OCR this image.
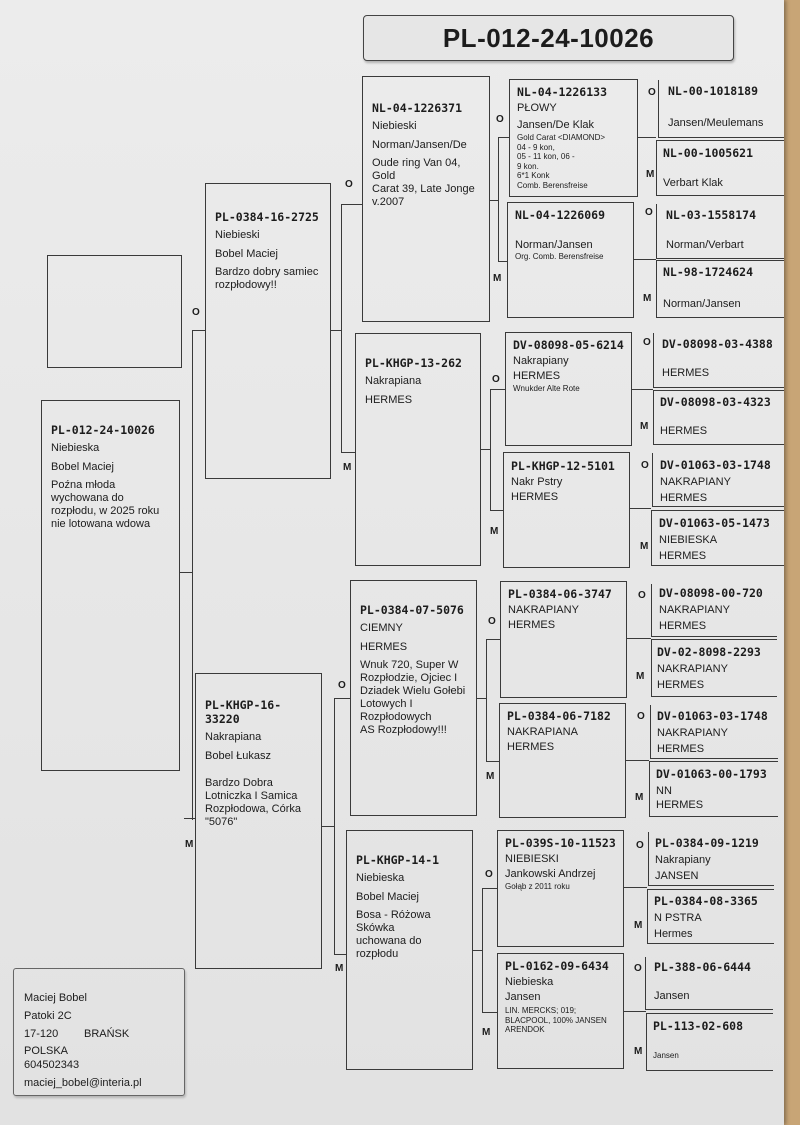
PL-012-24-10026
PL-012-24-10026
Niebieska
Bobel Maciej
Poźna młoda
wychowana do
rozpłodu, w 2025 roku
nie lotowana wdowa
PL-0384-16-2725
Niebieski
Bobel Maciej
Bardzo dobry samiec
rozpłodowy!!
PL-KHGP-16-33220
Nakrapiana
Bobel Łukasz
Bardzo Dobra
Lotniczka I Samica
Rozpłodowa, Córka
"5076"
NL-04-1226371
Niebieski
Norman/Jansen/De
Oude ring Van 04, Gold
Carat 39, Late Jonge
v.2007
PL-KHGP-13-262
Nakrapiana
HERMES
PL-0384-07-5076
CIEMNY
HERMES
Wnuk 720, Super W
Rozpłodzie, Ojciec I
Dziadek Wielu Gołebi
Lotowych I
Rozpłodowych
AS Rozpłodowy!!!
PL-KHGP-14-1
Niebieska
Bobel Maciej
Bosa - Różowa Skówka
uchowana do rozpłodu
NL-04-1226133
PŁOWY
Jansen/De Klak
Gold Carat <DIAMOND>
04 - 9 kon,
05 - 11 kon, 06 -
9 kon.
6*1 Konk
Comb. Berensfreise
NL-04-1226069
Norman/Jansen
Org. Comb. Berensfreise
DV-08098-05-6214
Nakrapiany
HERMES
Wnukder Alte Rote
PL-KHGP-12-5101
Nakr Pstry
HERMES
PL-0384-06-3747
NAKRAPIANY
HERMES
PL-0384-06-7182
NAKRAPIANA
HERMES
PL-039S-10-11523
NIEBIESKI
Jankowski Andrzej
Gołąb z 2011 roku
PL-0162-09-6434
Niebieska
Jansen
LIN. MERCKS; 019;
BLACPOOL, 100% JANSEN
ARENDOK
NL-00-1018189
Jansen/Meulemans
NL-00-1005621
Verbart Klak
NL-03-1558174
Norman/Verbart
NL-98-1724624
Norman/Jansen
DV-08098-03-4388
HERMES
DV-08098-03-4323
HERMES
DV-01063-03-1748
NAKRAPIANY
HERMES
DV-01063-05-1473
NIEBIESKA
HERMES
DV-08098-00-720
NAKRAPIANY
HERMES
DV-02-8098-2293
NAKRAPIANY
HERMES
DV-01063-03-1748
NAKRAPIANY
HERMES
DV-01063-00-1793
NN
HERMES
PL-0384-09-1219
Nakrapiany
JANSEN
PL-0384-08-3365
N PSTRA
Hermes
PL-388-06-6444
Jansen
PL-113-02-608
Jansen
O
M
O
M
O
M
O
M
O
M
O
M
O
M
O
M
O
M
O
M
O
M
O
M
O
M
O
M
O
M
Maciej Bobel
Patoki 2C
17-120 BRAŃSK
POLSKA
604502343
maciej_bobel@interia.pl
